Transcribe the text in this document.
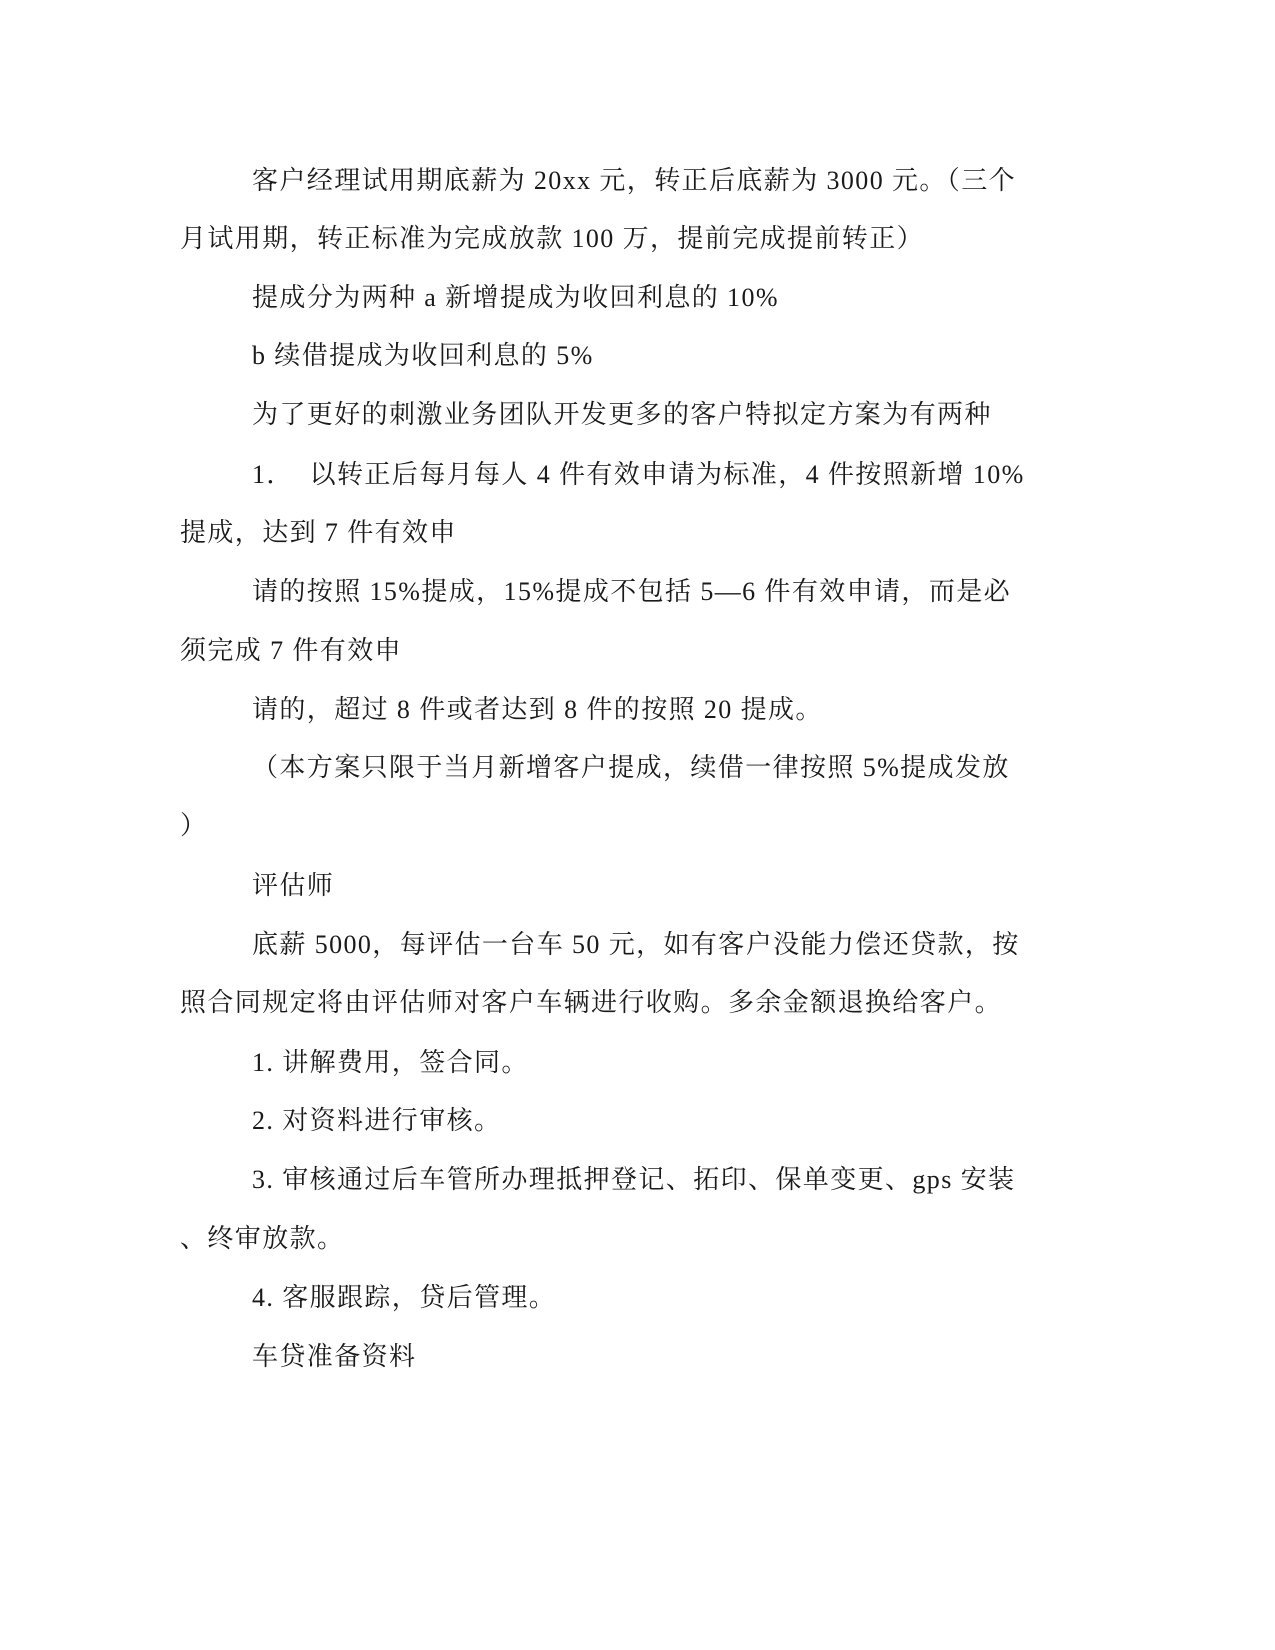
客户经理试用期底薪为 20xx 元，转正后底薪为 3000 元。（三个
月试用期，转正标准为完成放款 100 万，提前完成提前转正）
提成分为两种 a 新增提成为收回利息的 10%
b 续借提成为收回利息的 5%
为了更好的刺激业务团队开发更多的客户特拟定方案为有两种
1．  以转正后每月每人 4 件有效申请为标准，4 件按照新增 10%
提成，达到 7 件有效申
请的按照 15%提成，15%提成不包括 5—6 件有效申请，而是必
须完成 7 件有效申
请的，超过 8 件或者达到 8 件的按照 20 提成。
（本方案只限于当月新增客户提成，续借一律按照 5%提成发放
）
评估师
底薪 5000，每评估一台车 50 元，如有客户没能力偿还贷款，按
照合同规定将由评估师对客户车辆进行收购。多余金额退换给客户。
1. 讲解费用，签合同。
2. 对资料进行审核。
3. 审核通过后车管所办理抵押登记、拓印、保单变更、gps 安装
、终审放款。
4. 客服跟踪，贷后管理。
车贷准备资料
